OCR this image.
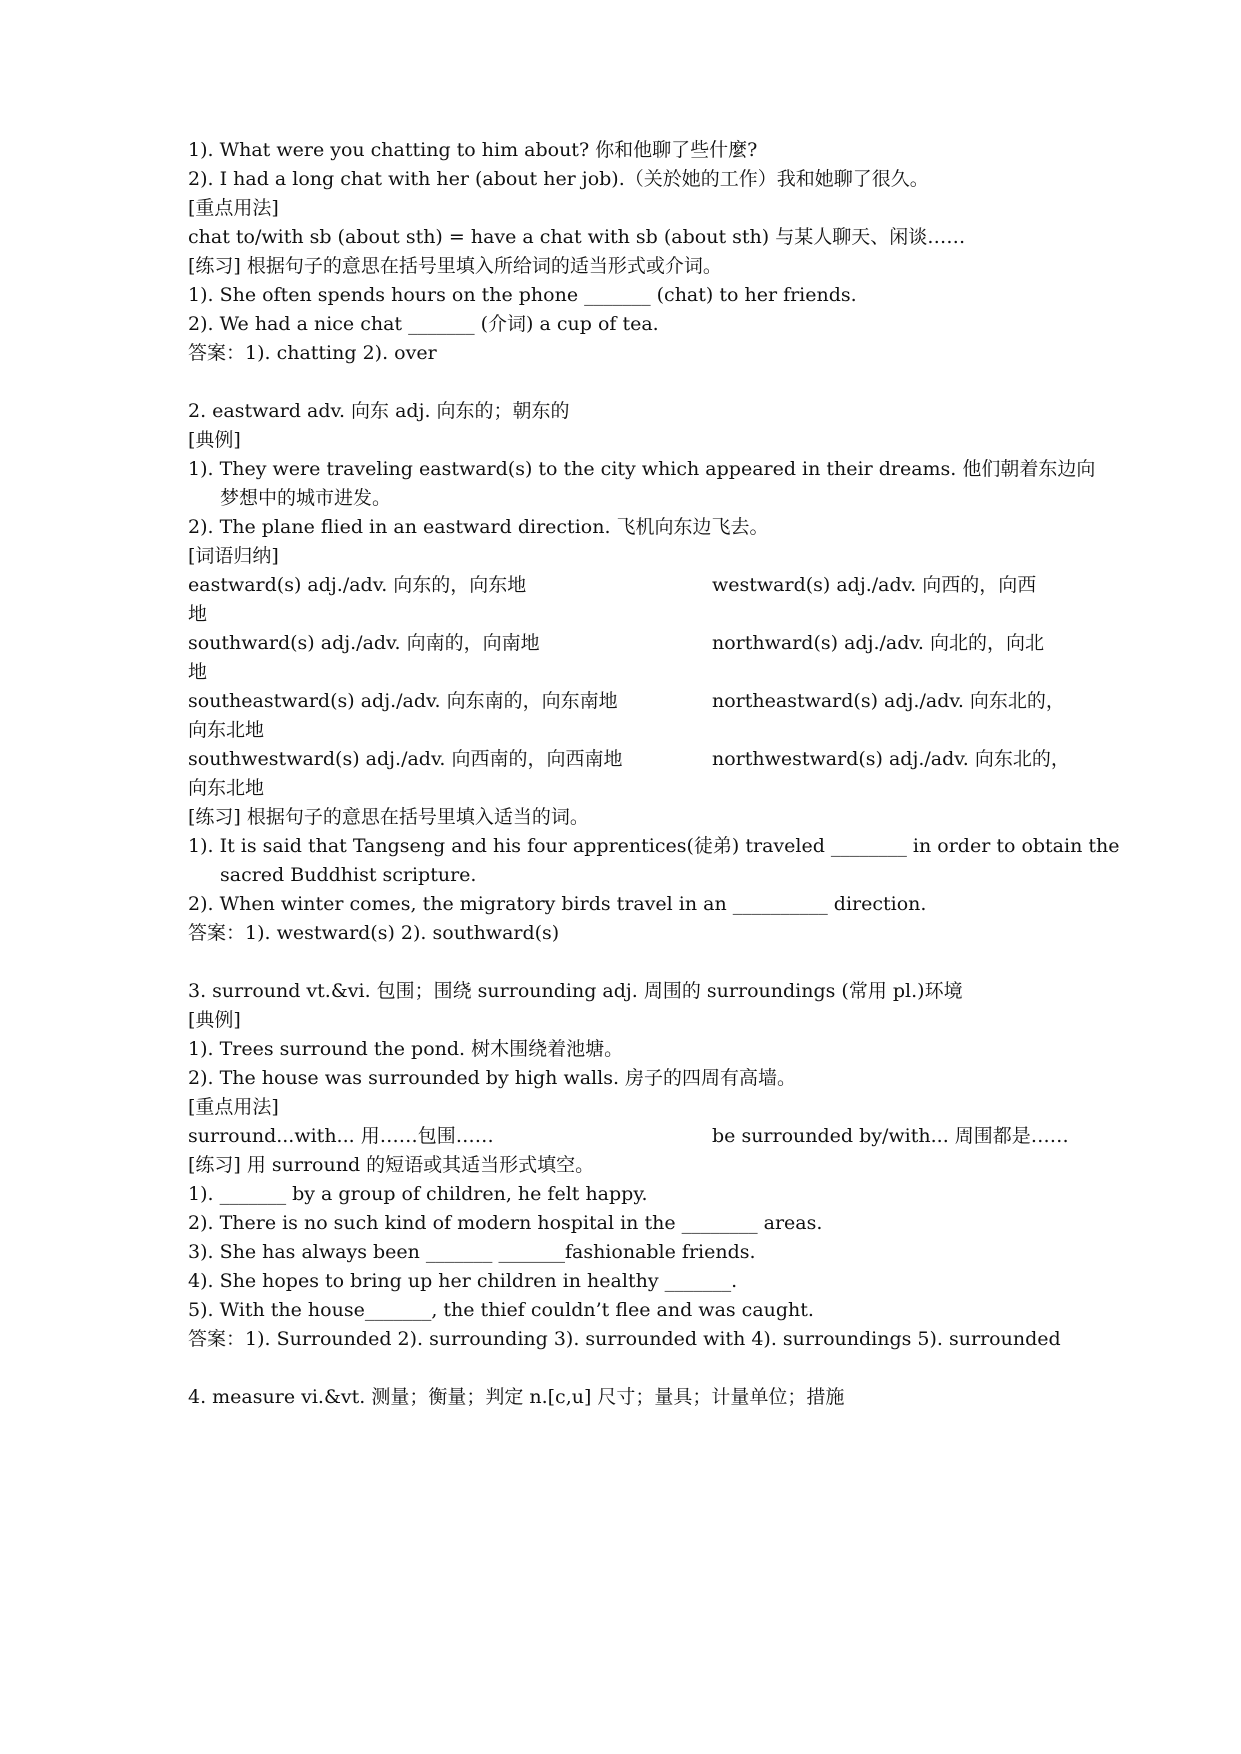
1). What were you chatting to him about? 你和他聊了些什麼?
2). I had a long chat with her (about her job).（关於她的工作）我和她聊了很久。
[重点用法]
chat to/with sb (about sth) = have a chat with sb (about sth) 与某人聊天、闲谈……
[练习] 根据句子的意思在括号里填入所给词的适当形式或介词。
1). She often spends hours on the phone _______ (chat) to her friends.
2). We had a nice chat _______ (介词) a cup of tea.
答案：1). chatting 2). over
2. eastward adv. 向东 adj. 向东的；朝东的
[典例]
1). They were traveling eastward(s) to the city which appeared in their dreams. 他们朝着东边向
梦想中的城市进发。
2). The plane flied in an eastward direction. 飞机向东边飞去。
[词语归纳]
eastward(s) adj./adv. 向东的，向东地	westward(s) adj./adv. 向西的，向西
地
southward(s) adj./adv. 向南的，向南地	northward(s) adj./adv. 向北的，向北
地
southeastward(s) adj./adv. 向东南的，向东南地	northeastward(s) adj./adv. 向东北的，
向东北地
southwestward(s) adj./adv. 向西南的，向西南地	northwestward(s) adj./adv. 向东北的，
向东北地
[练习] 根据句子的意思在括号里填入适当的词。
1). It is said that Tangseng and his four apprentices(徒弟) traveled ________ in order to obtain the
sacred Buddhist scripture.
2). When winter comes, the migratory birds travel in an __________ direction.
答案：1). westward(s) 2). southward(s)
3. surround vt.&vi. 包围；围绕 surrounding adj. 周围的 surroundings (常用 pl.)环境
[典例]
1). Trees surround the pond. 树木围绕着池塘。
2). The house was surrounded by high walls. 房子的四周有高墙。
[重点用法]
surround...with... 用……包围……	be surrounded by/with... 周围都是……
[练习] 用 surround 的短语或其适当形式填空。
1). _______ by a group of children, he felt happy.
2). There is no such kind of modern hospital in the ________ areas.
3). She has always been _______ _______fashionable friends.
4). She hopes to bring up her children in healthy _______.
5). With the house_______, the thief couldn’t flee and was caught.
答案：1). Surrounded 2). surrounding 3). surrounded with 4). surroundings 5). surrounded
4. measure vi.&vt. 测量；衡量；判定 n.[c,u] 尺寸；量具；计量单位；措施
